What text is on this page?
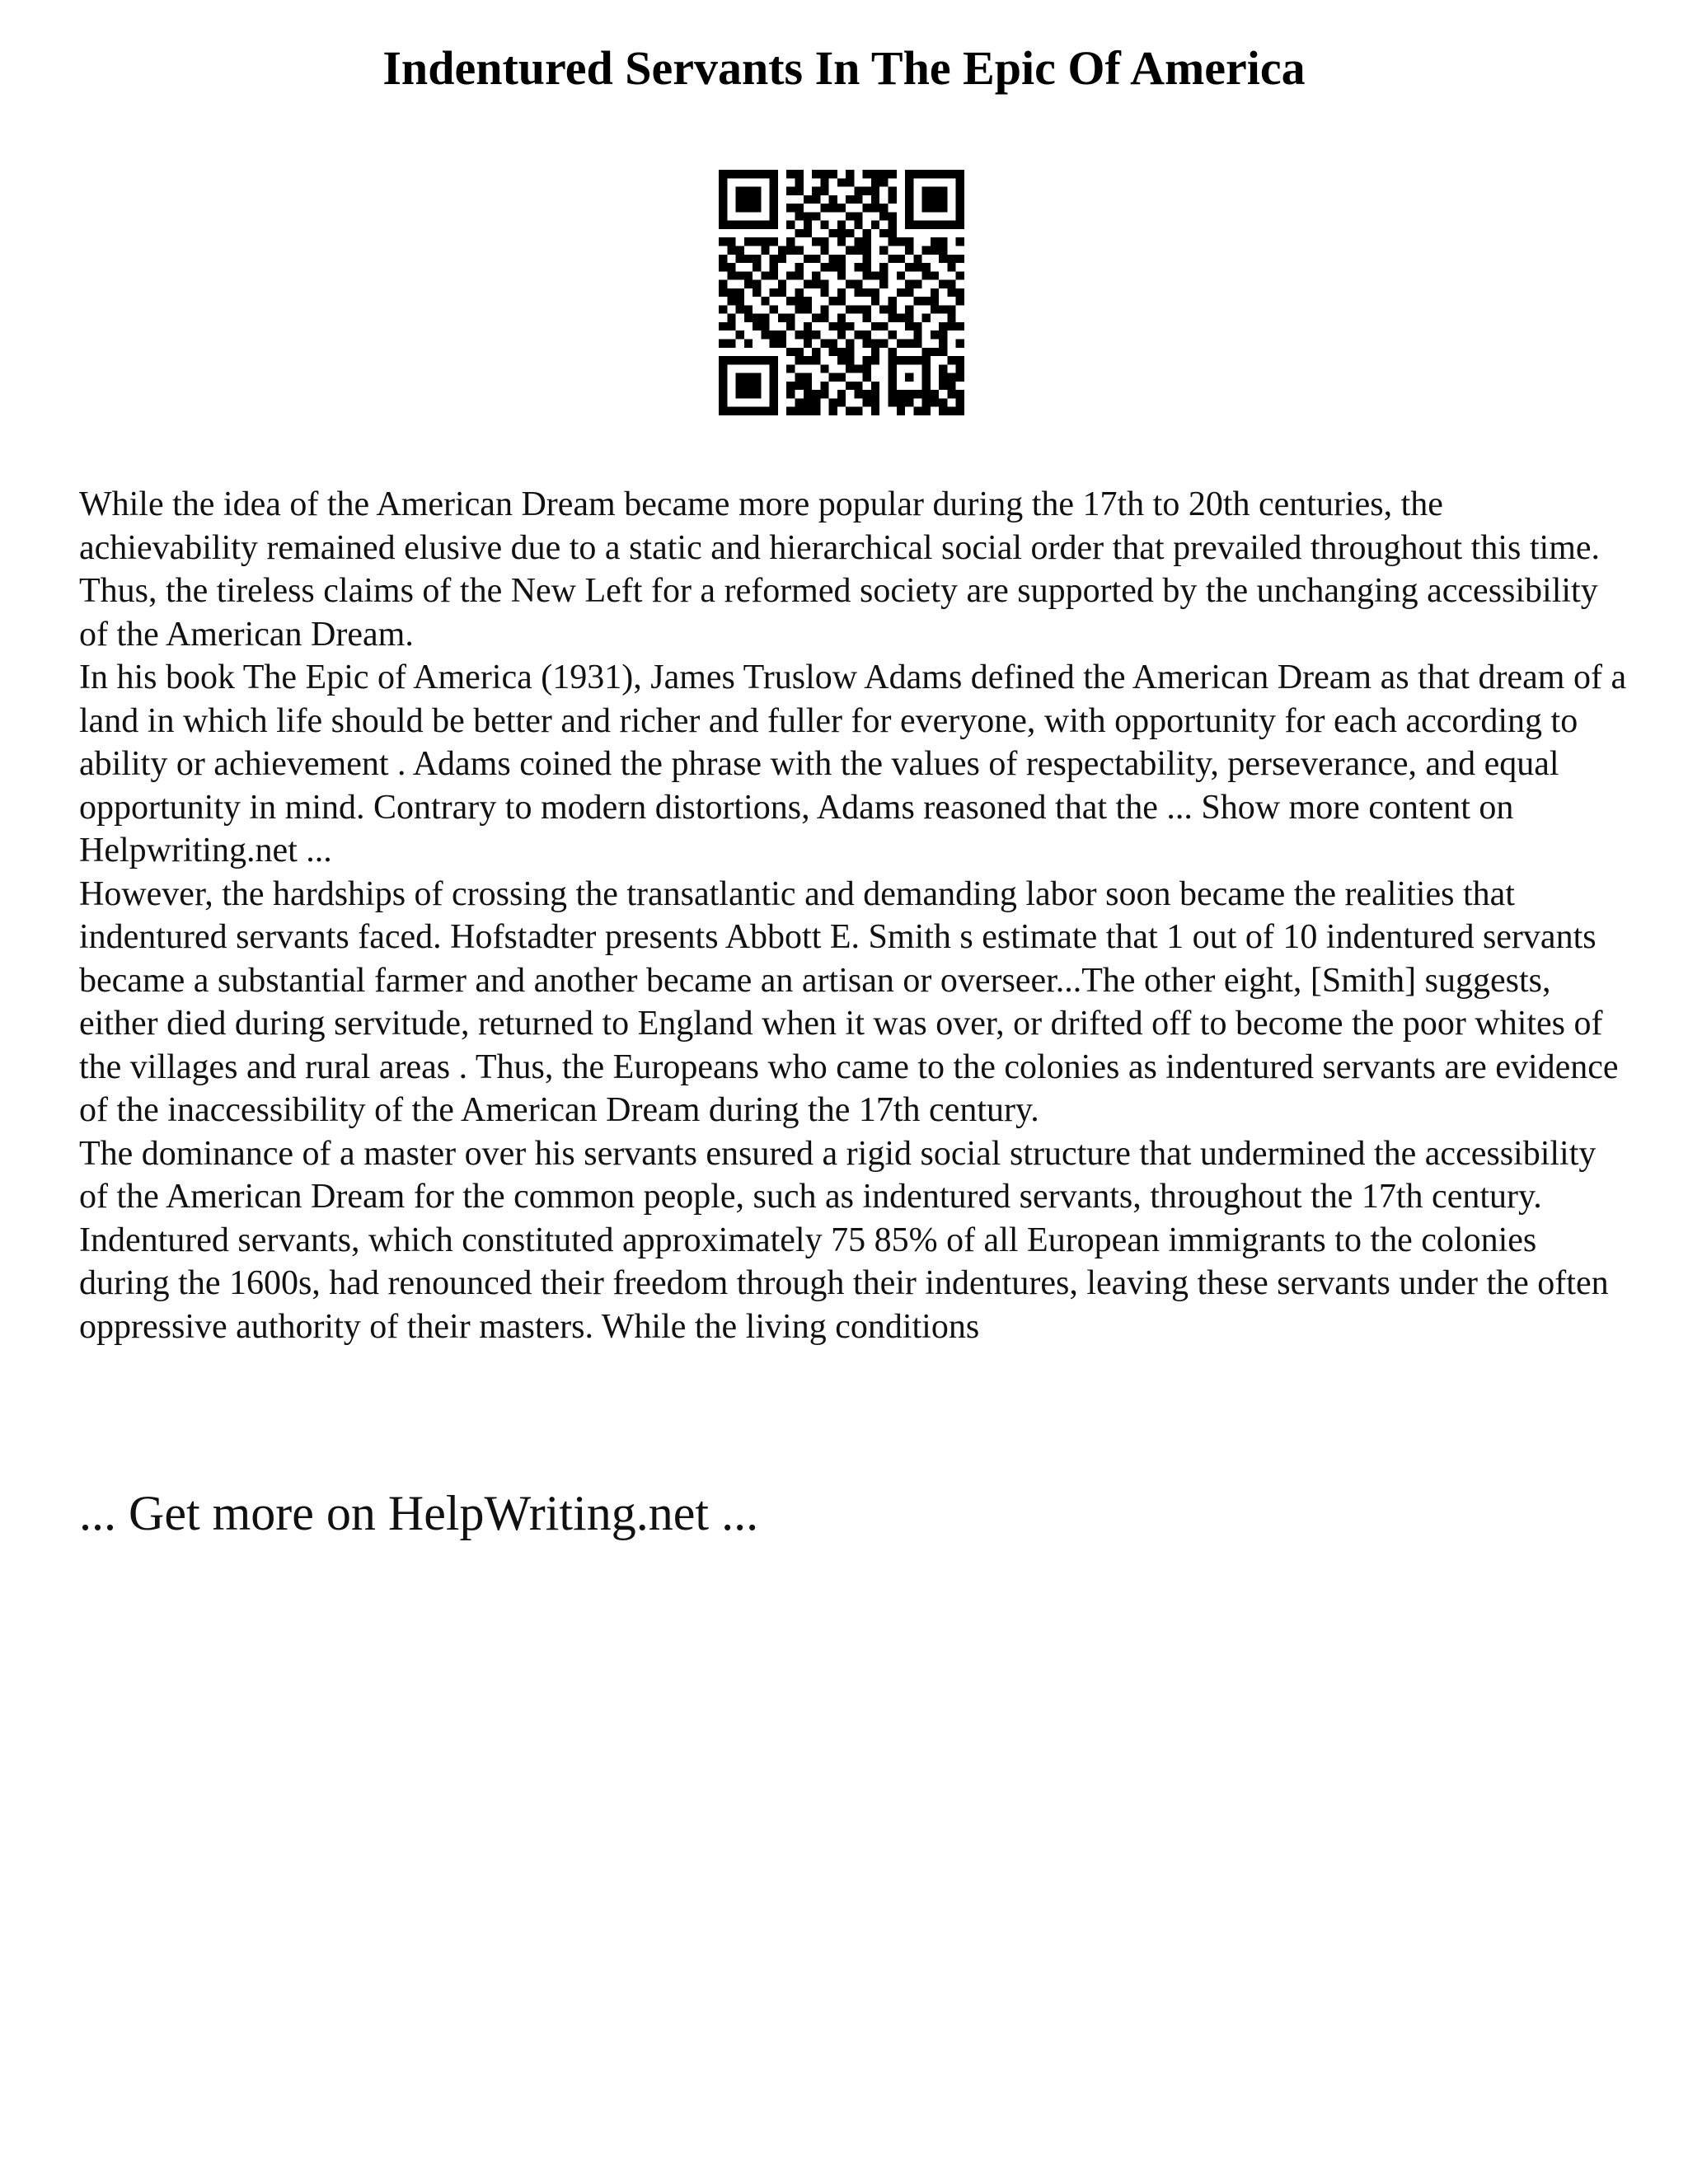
Indentured Servants In The Epic Of America

While the idea of the American Dream became more popular during the 17th to 20th centuries, the achievability remained elusive due to a static and hierarchical social order that prevailed throughout this time. Thus, the tireless claims of the New Left for a reformed society are supported by the unchanging accessibility of the American Dream.

In his book The Epic of America (1931), James Truslow Adams defined the American Dream as that dream of a land in which life should be better and richer and fuller for everyone, with opportunity for each according to ability or achievement . Adams coined the phrase with the values of respectability, perseverance, and equal opportunity in mind. Contrary to modern distortions, Adams reasoned that the ... Show more content on Helpwriting.net ...

However, the hardships of crossing the transatlantic and demanding labor soon became the realities that indentured servants faced. Hofstadter presents Abbott E. Smith s estimate that 1 out of 10 indentured servants became a substantial farmer and another became an artisan or overseer...The other eight, [Smith] suggests, either died during servitude, returned to England when it was over, or drifted off to become the poor whites of the villages and rural areas . Thus, the Europeans who came to the colonies as indentured servants are evidence of the inaccessibility of the American Dream during the 17th century.

The dominance of a master over his servants ensured a rigid social structure that undermined the accessibility of the American Dream for the common people, such as indentured servants, throughout the 17th century. Indentured servants, which constituted approximately 75 85% of all European immigrants to the colonies during the 1600s, had renounced their freedom through their indentures, leaving these servants under the often oppressive authority of their masters. While the living conditions

... Get more on HelpWriting.net ...
